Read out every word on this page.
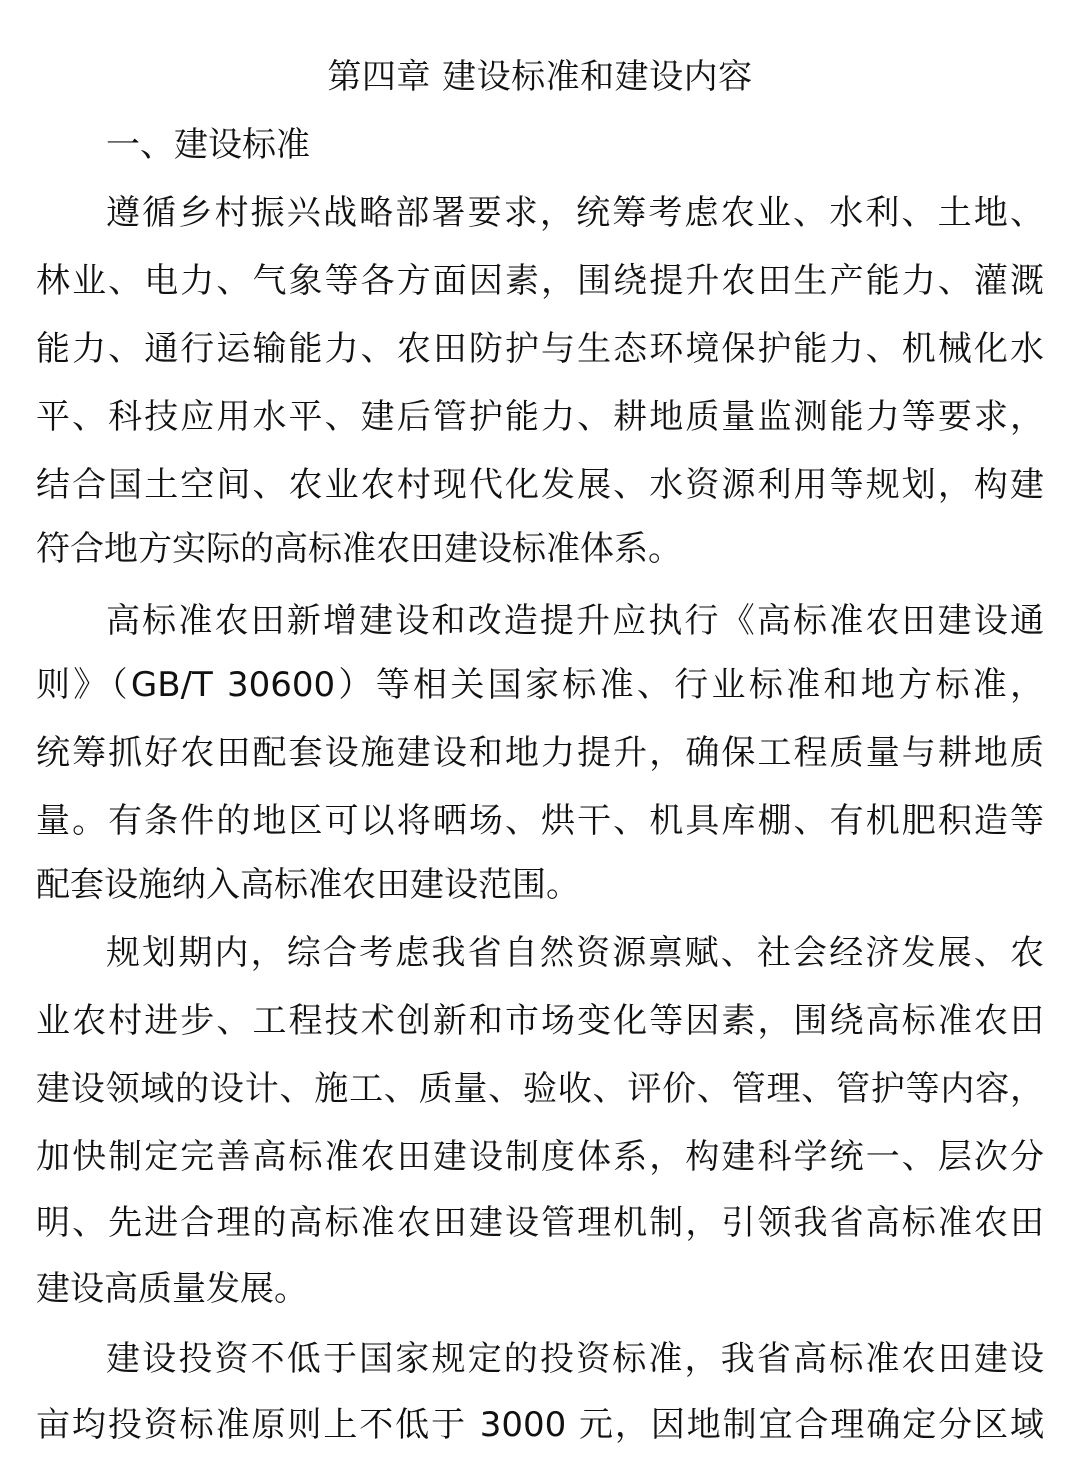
第四章 建设标准和建设内容
一、建设标准
遵循乡村振兴战略部署要求，统筹考虑农业、水利、土地、
林业、电力、气象等各方面因素，围绕提升农田生产能力、灌溉
能力、通行运输能力、农田防护与生态环境保护能力、机械化水
平、科技应用水平、建后管护能力、耕地质量监测能力等要求，
结合国土空间、农业农村现代化发展、水资源利用等规划，构建
符合地方实际的高标准农田建设标准体系。
高标准农田新增建设和改造提升应执行《高标准农田建设通
则》（GB/T 30600）等相关国家标准、行业标准和地方标准，
统筹抓好农田配套设施建设和地力提升，确保工程质量与耕地质
量。有条件的地区可以将晒场、烘干、机具库棚、有机肥积造等
配套设施纳入高标准农田建设范围。
规划期内，综合考虑我省自然资源禀赋、社会经济发展、农
业农村进步、工程技术创新和市场变化等因素，围绕高标准农田
建设领域的设计、施工、质量、验收、评价、管理、管护等内容，
加快制定完善高标准农田建设制度体系，构建科学统一、层次分
明、先进合理的高标准农田建设管理机制，引领我省高标准农田
建设高质量发展。
建设投资不低于国家规定的投资标准，我省高标准农田建设
亩均投资标准原则上不低于 3000 元，因地制宜合理确定分区域
